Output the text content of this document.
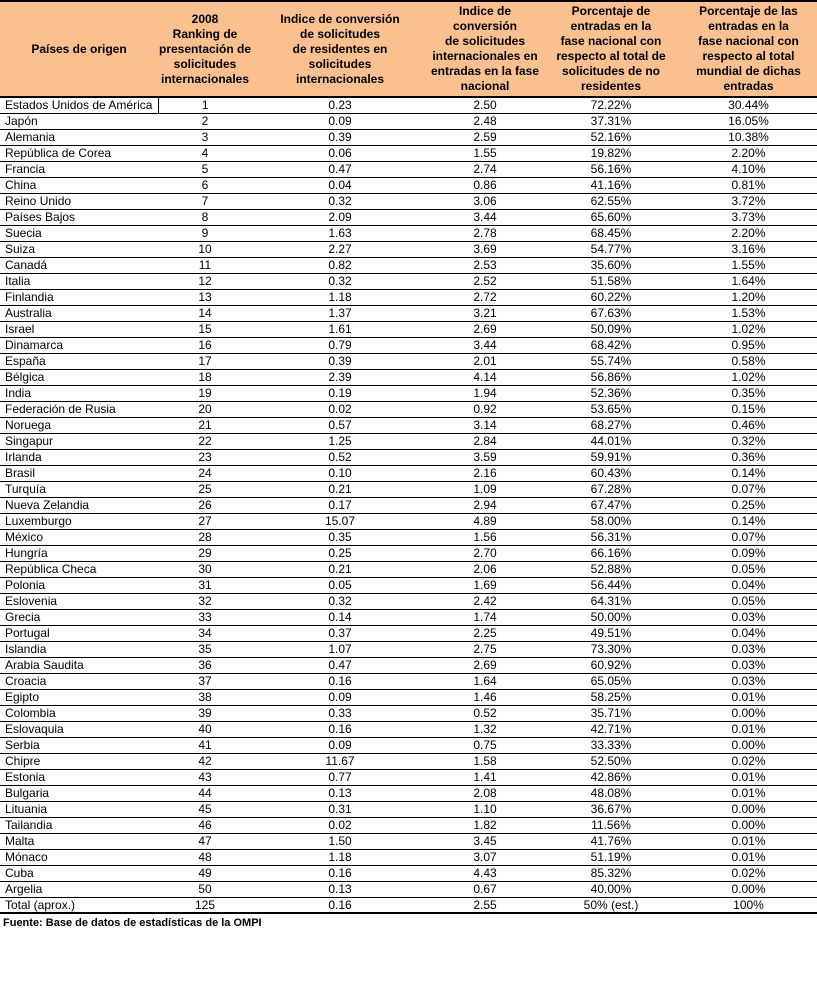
Países de origen	2008
Ranking de
presentación de
solicitudes
internacionales	Indice de conversión
de solicitudes
de residentes en
solicitudes
internacionales	Indice de conversión
de solicitudes
internacionales en
entradas en la fase
nacional	Porcentaje de
entradas en la
fase nacional con
respecto al total de
solicitudes de no
residentes	Porcentaje de las
entradas en la
fase nacional con
respecto al total
mundial de dichas
entradas
Estados Unidos de América	1	0.23	2.50	72.22%	30.44%
Japón	2	0.09	2.48	37.31%	16.05%
Alemania	3	0.39	2.59	52.16%	10.38%
República de Corea	4	0.06	1.55	19.82%	2.20%
Francia	5	0.47	2.74	56.16%	4.10%
China	6	0.04	0.86	41.16%	0.81%
Reino Unido	7	0.32	3.06	62.55%	3.72%
Países Bajos	8	2.09	3.44	65.60%	3.73%
Suecia	9	1.63	2.78	68.45%	2.20%
Suiza	10	2.27	3.69	54.77%	3.16%
Canadá	11	0.82	2.53	35.60%	1.55%
Italia	12	0.32	2.52	51.58%	1.64%
Finlandia	13	1.18	2.72	60.22%	1.20%
Australia	14	1.37	3.21	67.63%	1.53%
Israel	15	1.61	2.69	50.09%	1.02%
Dinamarca	16	0.79	3.44	68.42%	0.95%
España	17	0.39	2.01	55.74%	0.58%
Bélgica	18	2.39	4.14	56.86%	1.02%
India	19	0.19	1.94	52.36%	0.35%
Federación de Rusia	20	0.02	0.92	53.65%	0.15%
Noruega	21	0.57	3.14	68.27%	0.46%
Singapur	22	1.25	2.84	44.01%	0.32%
Irlanda	23	0.52	3.59	59.91%	0.36%
Brasil	24	0.10	2.16	60.43%	0.14%
Turquía	25	0.21	1.09	67.28%	0.07%
Nueva Zelandia	26	0.17	2.94	67.47%	0.25%
Luxemburgo	27	15.07	4.89	58.00%	0.14%
México	28	0.35	1.56	56.31%	0.07%
Hungría	29	0.25	2.70	66.16%	0.09%
República Checa	30	0.21	2.06	52.88%	0.05%
Polonia	31	0.05	1.69	56.44%	0.04%
Eslovenia	32	0.32	2.42	64.31%	0.05%
Grecia	33	0.14	1.74	50.00%	0.03%
Portugal	34	0.37	2.25	49.51%	0.04%
Islandia	35	1.07	2.75	73.30%	0.03%
Arabia Saudita	36	0.47	2.69	60.92%	0.03%
Croacia	37	0.16	1.64	65.05%	0.03%
Egipto	38	0.09	1.46	58.25%	0.01%
Colombia	39	0.33	0.52	35.71%	0.00%
Eslovaquia	40	0.16	1.32	42.71%	0.01%
Serbia	41	0.09	0.75	33.33%	0.00%
Chipre	42	11.67	1.58	52.50%	0.02%
Estonia	43	0.77	1.41	42.86%	0.01%
Bulgaria	44	0.13	2.08	48.08%	0.01%
Lituania	45	0.31	1.10	36.67%	0.00%
Tailandia	46	0.02	1.82	11.56%	0.00%
Malta	47	1.50	3.45	41.76%	0.01%
Mónaco	48	1.18	3.07	51.19%	0.01%
Cuba	49	0.16	4.43	85.32%	0.02%
Argelia	50	0.13	0.67	40.00%	0.00%
Total (aprox.)	125	0.16	2.55	50% (est.)	100%
Fuente: Base de datos de estadísticas de la OMPI
